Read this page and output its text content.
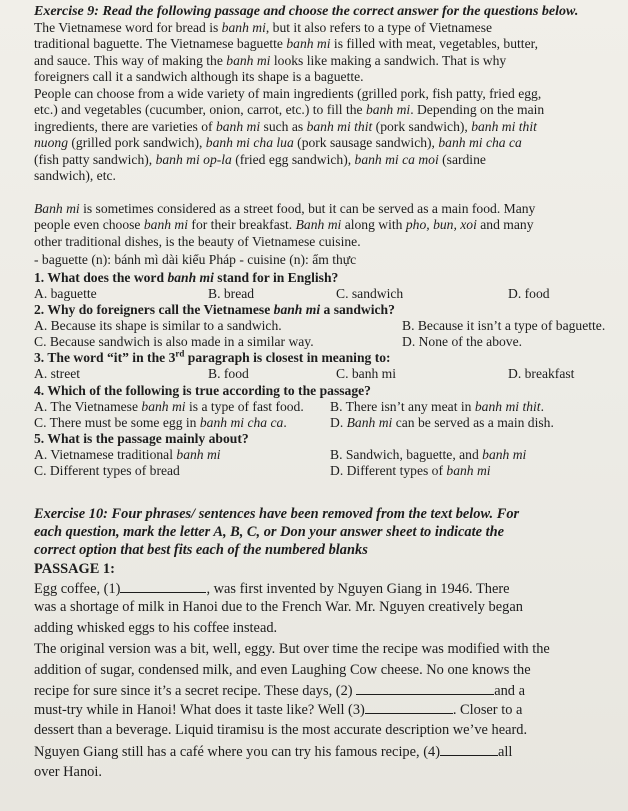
Exercise 9: Read the following passage and choose the correct answer for the questions below.
The Vietnamese word for bread is banh mi, but it also refers to a type of Vietnamese
traditional baguette. The Vietnamese baguette banh mi is filled with meat, vegetables, butter,
and sauce. This way of making the banh mi looks like making a sandwich. That is why
foreigners call it a sandwich although its shape is a baguette.
People can choose from a wide variety of main ingredients (grilled pork, fish patty, fried egg,
etc.) and vegetables (cucumber, onion, carrot, etc.) to fill the banh mi. Depending on the main
ingredients, there are varieties of banh mi such as banh mi thit (pork sandwich), banh mi thit
nuong (grilled pork sandwich), banh mi cha lua (pork sausage sandwich), banh mi cha ca
(fish patty sandwich), banh mi op-la (fried egg sandwich), banh mi ca moi (sardine
sandwich), etc.
Banh mi is sometimes considered as a street food, but it can be served as a main food. Many
people even choose banh mi for their breakfast. Banh mi along with pho, bun, xoi and many
other traditional dishes, is the beauty of Vietnamese cuisine.
- baguette (n): bánh mì dài kiểu Pháp - cuisine (n): ẩm thực
Exercise 10: Four phrases/ sentences have been removed from the text below. For
each question, mark the letter A, B, C, or Don your answer sheet to indicate the
correct option that best fits each of the numbered blanks
PASSAGE 1:
Egg coffee, (1)	, was first invented by Nguyen Giang in 1946. There
was a shortage of milk in Hanoi due to the French War. Mr. Nguyen creatively began
adding whisked eggs to his coffee instead.
The original version was a bit, well, eggy. But over time the recipe was modified with the
addition of sugar, condensed milk, and even Laughing Cow cheese. No one knows the
recipe for sure since it’s a secret recipe. These days, (2)	and a
must-try while in Hanoi! What does it taste like? Well (3)	. Closer to a
dessert than a beverage. Liquid tiramisu is the most accurate description we’ve heard.
Nguyen Giang still has a café where you can try his famous recipe, (4)	all
over Hanoi.
1. What does the word banh mi stand for in English?
A. baguette	B. bread	C. sandwich	D. food
2. Why do foreigners call the Vietnamese banh mi a sandwich?
A. Because its shape is similar to a sandwich.	B. Because it isn’t a type of baguette.
C. Because sandwich is also made in a similar way.	D. None of the above.
3. The word “it” in the 3rd paragraph is closest in meaning to:
A. street	B. food	C. banh mi	D. breakfast
4. Which of the following is true according to the passage?
A. The Vietnamese banh mi is a type of fast food. B. There isn’t any meat in banh mi thit.
C. There must be some egg in banh mi cha ca.	D. Banh mi can be served as a main dish.
5. What is the passage mainly about?
A. Vietnamese traditional banh mi	B. Sandwich, baguette, and banh mi
C. Different types of bread	D. Different types of banh mi
